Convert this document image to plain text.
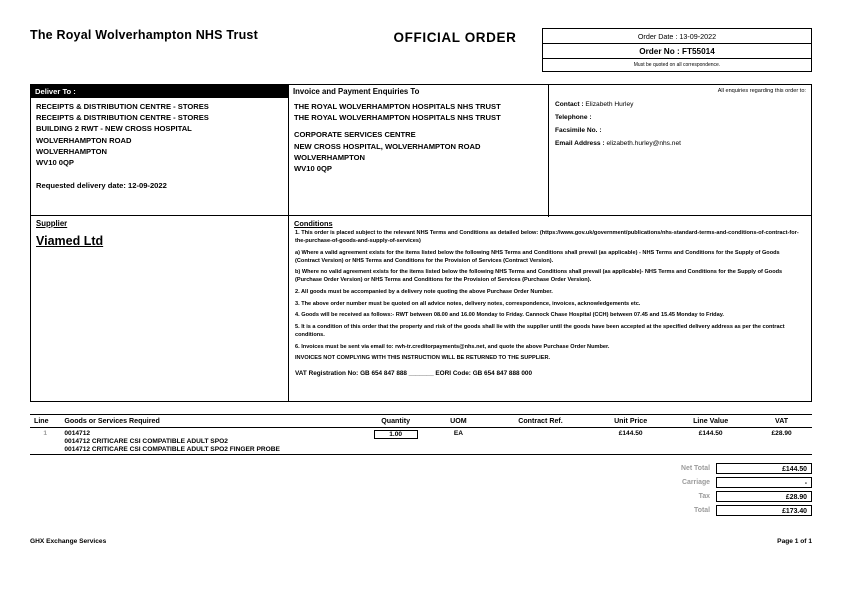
The Royal Wolverhampton NHS Trust	OFFICIAL ORDER	Order Date : 13-09-2022
Order No : FT55014
Must be quoted on all correspondence.
Deliver To :
RECEIPTS & DISTRIBUTION CENTRE - STORES
RECEIPTS & DISTRIBUTION CENTRE - STORES
BUILDING 2 RWT - NEW CROSS HOSPITAL
WOLVERHAMPTON ROAD
WOLVERHAMPTON
WV10 0QP
Requested delivery date: 12-09-2022
Invoice and Payment Enquiries To
THE ROYAL WOLVERHAMPTON HOSPITALS NHS TRUST
THE ROYAL WOLVERHAMPTON HOSPITALS NHS TRUST
CORPORATE SERVICES CENTRE
NEW CROSS HOSPITAL, WOLVERHAMPTON ROAD
WOLVERHAMPTON
WV10 0QP
All enquiries regarding this order to:
Contact : Elizabeth Hurley
Telephone :
Facsimile No. :
Email Address : elizabeth.hurley@nhs.net
Supplier
Viamed Ltd
Conditions

1. This order is placed subject to the relevant NHS Terms and Conditions as detailed below: (https://www.gov.uk/government/publications/nhs-standard-terms-and-conditions-of-contract-for-the-purchase-of-goods-and-supply-of-services)

a) Where a valid agreement exists for the items listed below the following NHS Terms and Conditions shall prevail (as applicable) - NHS Terms and Conditions for the Supply of Goods (Contract Version) or NHS Terms and Conditions for the Provision of Services (Contract Version).

b) Where no valid agreement exists for the items listed below the following NHS Terms and Conditions shall prevail (as applicable)- NHS Terms and Conditions for the Supply of Goods (Purchase Order Version) or NHS Terms and Conditions for the Provision of Services (Purchase Order Version).

2. All goods must be accompanied by a delivery note quoting the above Purchase Order Number.

3. The above order number must be quoted on all advice notes, delivery notes, correspondence, invoices, acknowledgements etc.

4. Goods will be received as follows:- RWT between 08.00 and 16.00 Monday to Friday. Cannock Chase Hospital (CCH) between 07.45 and 15.45 Monday to Friday.

5. It is a condition of this order that the property and risk of the goods shall lie with the supplier until the goods have been accepted at the specified delivery address as per the contract conditions.

6. Invoices must be sent via email to: rwh-tr.creditorpayments@nhs.net, and quote the above Purchase Order Number.

INVOICES NOT COMPLYING WITH THIS INSTRUCTION WILL BE RETURNED TO THE SUPPLIER.

VAT Registration No: GB 654 847 888 _______ EORI Code: GB 654 847 888 000
Line	Goods or Services Required	Quantity	UOM	Contract Ref.	Unit Price	Line Value	VAT
1	0014712
0014712 CRITICARE CSI COMPATIBLE ADULT SPO2
0014712 CRITICARE CSI COMPATIBLE ADULT SPO2 FINGER PROBE	1.00	EA		£144.50	£144.50	£28.90
Net Total	£144.50
Carriage	-
Tax	£28.90
Total	£173.40
GHX Exchange Services	Page 1 of 1
